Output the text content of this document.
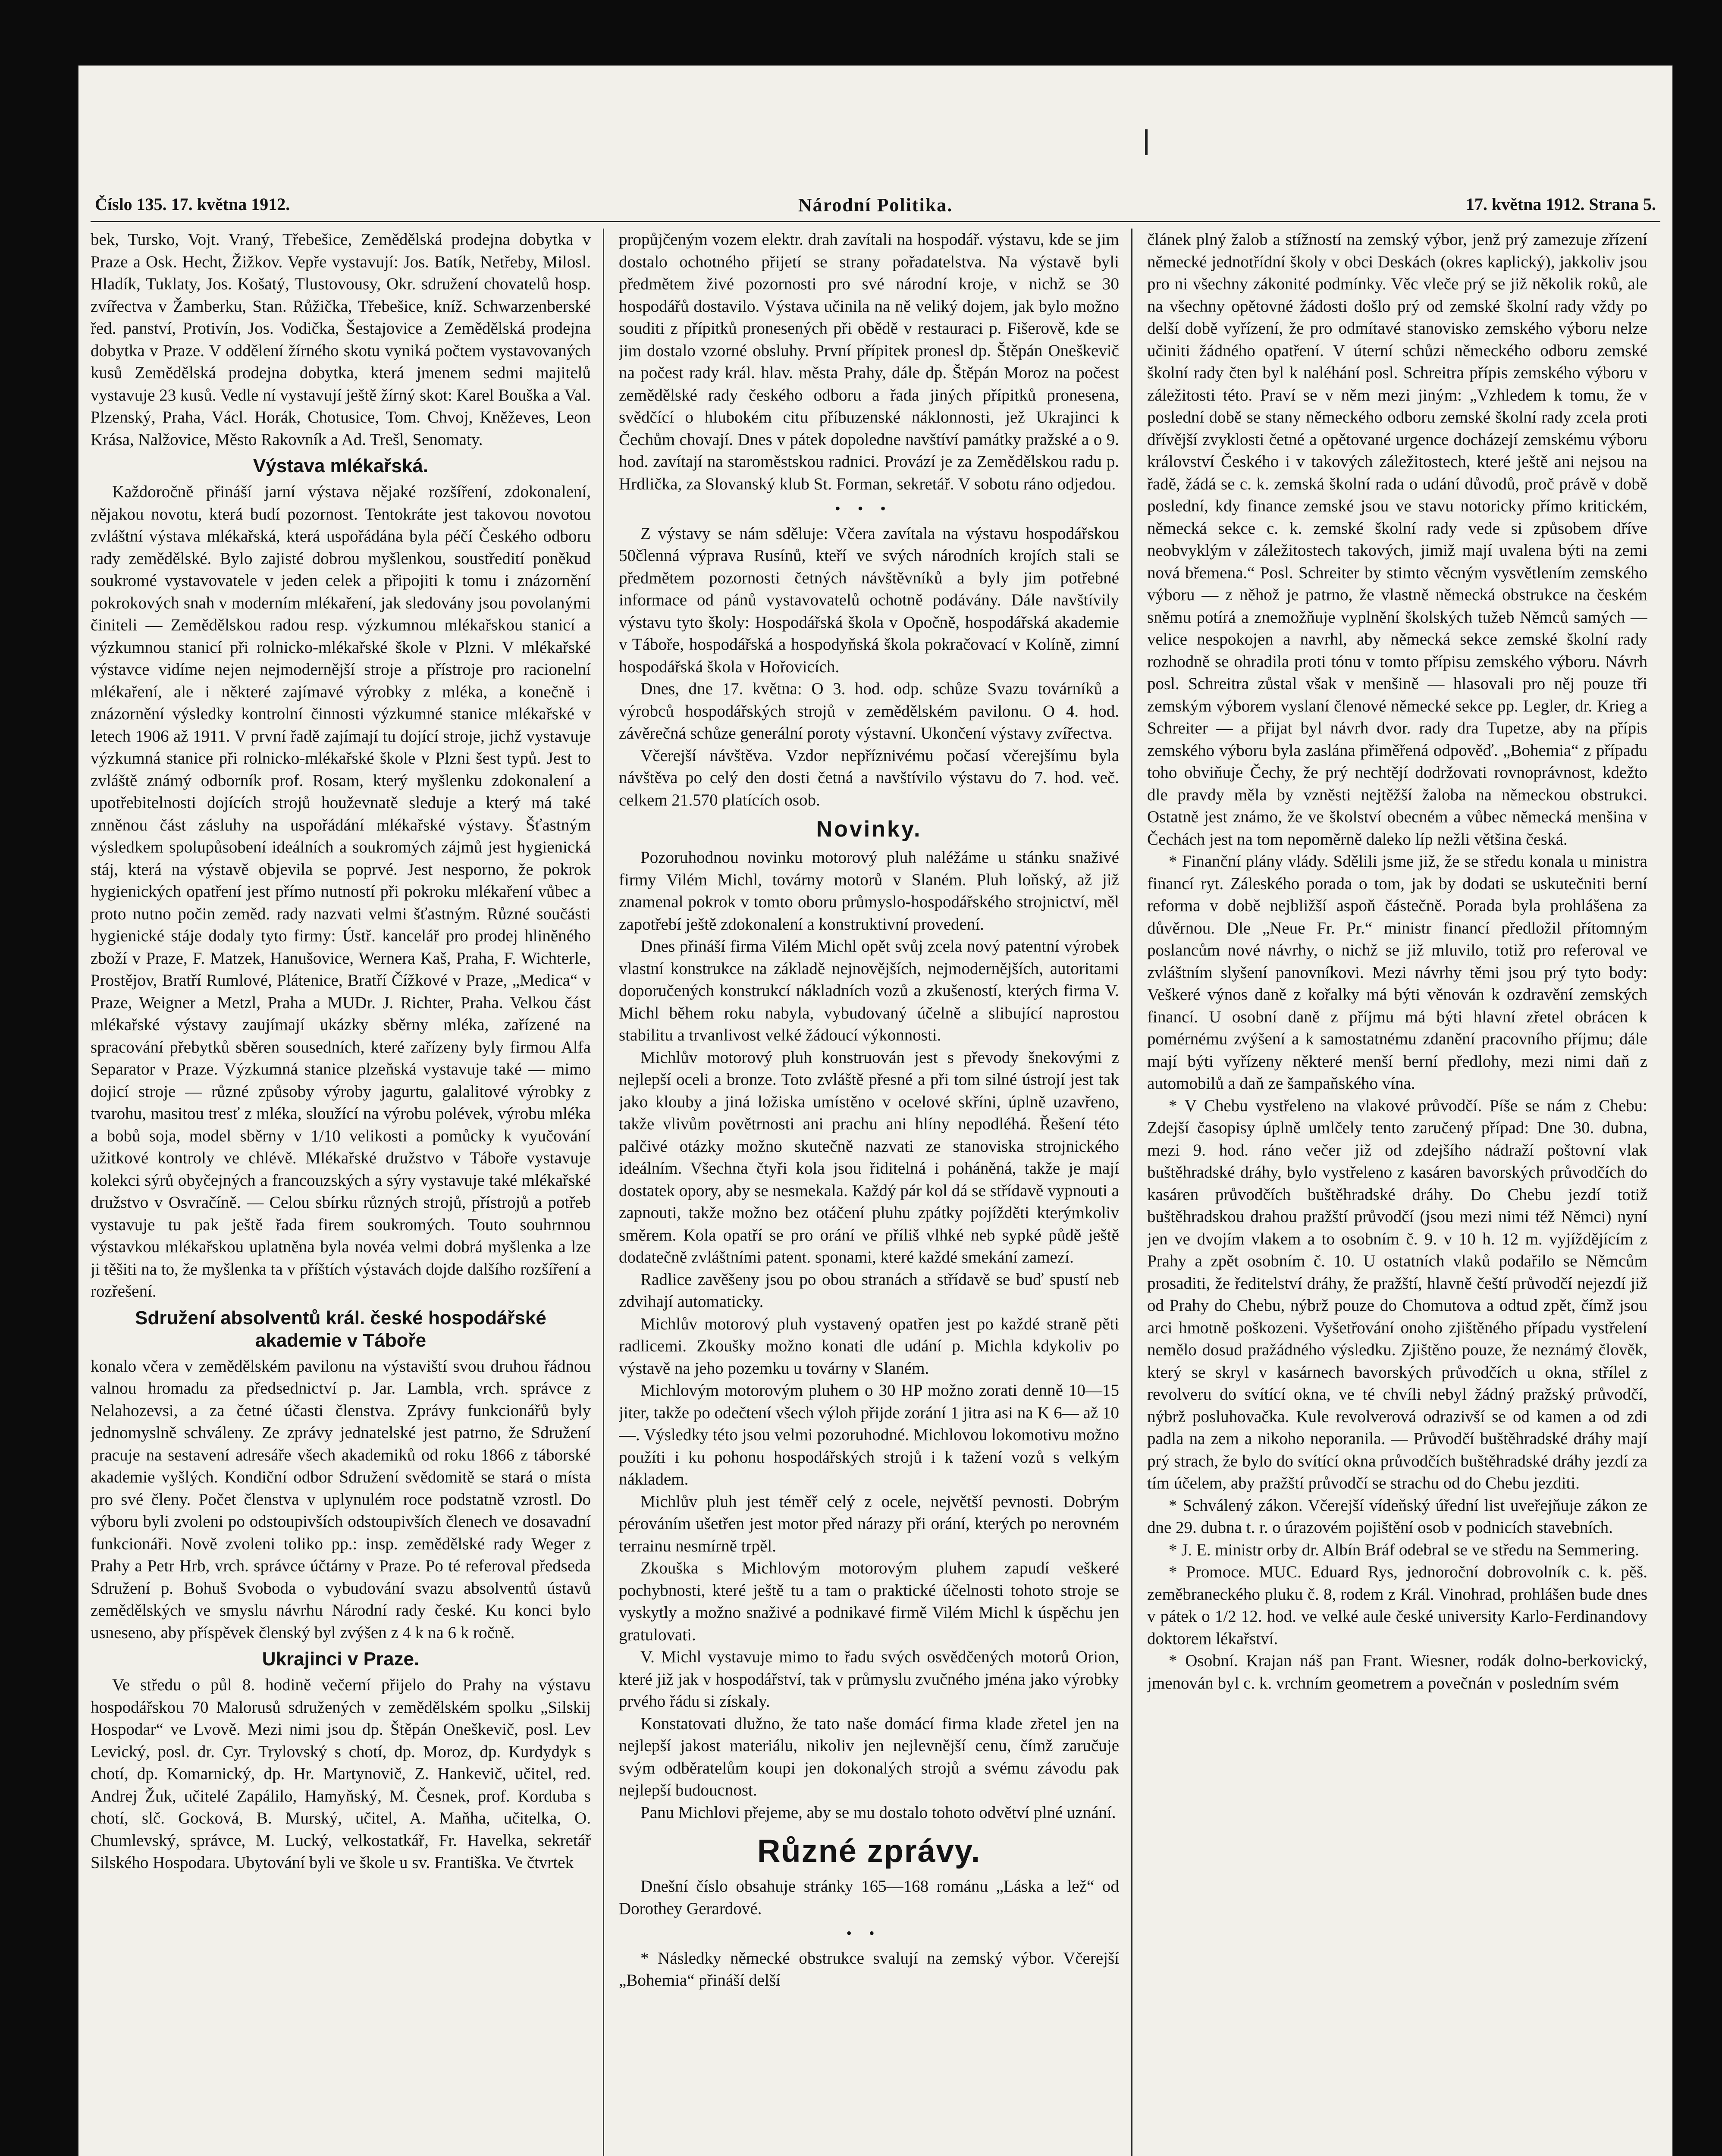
Číslo 135. 17. května 1912.	Národní Politika.	17. května 1912. Strana 5.

bek, Tursko, Vojt. Vraný, Třebešice, Zemědělská prodejna dobytka v Praze a Osk. Hecht, Žižkov. Vepře vystavují: Jos. Batík, Netřeby, Milosl. Hladík, Tuklaty, Jos. Košatý, Tlustovousy, Okr. sdružení chovatelů hosp. zvířectva v Žamberku, Stan. Růžička, Třebešice, kníž. Schwarzenberské řed. panství, Protivín, Jos. Vodička, Šestajovice a Zemědělská prodejna dobytka v Praze. V oddělení žírného skotu vyniká počtem vystavovaných kusů Zemědělská prodejna dobytka, která jmenem sedmi majitelů vystavuje 23 kusů. Vedle ní vystavují ještě žírný skot: Karel Bouška a Val. Plzenský, Praha, Václ. Horák, Chotusice, Tom. Chvoj, Kněževes, Leon Krása, Nalžovice, Město Rakovník a Ad. Trešl, Senomaty.

Výstava mlékařská.

Každoročně přináší jarní výstava nějaké rozšíření, zdokonalení, nějakou novotu, která budí pozornost. Tentokráte jest takovou novotou zvláštní výstava mlékařská, která uspořádána byla péčí Českého odboru rady zemědělské. Bylo zajisté dobrou myšlenkou, soustředití poněkud soukromé vystavovatele v jeden celek a připojiti k tomu i znázornění pokrokových snah v moderním mlékaření, jak sledovány jsou povolanými činiteli — Zemědělskou radou resp. výzkumnou mlékařskou stanicí a výzkumnou stanicí při rolnicko-mlékařské škole v Plzni. V mlékařské výstavce vidíme nejen nejmodernější stroje a přístroje pro racionelní mlékaření, ale i některé zajímavé výrobky z mléka, a konečně i znázornění výsledky kontrolní činnosti výzkumné stanice mlékařské v letech 1906 až 1911. V první řadě zajímají tu dojící stroje, jichž vystavuje výzkumná stanice při rolnicko-mlékařské škole v Plzni šest typů. Jest to zvláště známý odborník prof. Rosam, který myšlenku zdokonalení a upotřebitelnosti dojících strojů houževnatě sleduje a který má také znněnou část zásluhy na uspořádání mlékařské výstavy. Šťastným výsledkem spolupůsobení ideálních a soukromých zájmů jest hygienická stáj, která na výstavě objevila se poprvé. Jest nesporno, že pokrok hygienických opatření jest přímo nutností při pokroku mlékaření vůbec a proto nutno počin zeměd. rady nazvati velmi šťastným. Různé součásti hygienické stáje dodaly tyto firmy: Ústř. kancelář pro prodej hliněného zboží v Praze, F. Matzek, Hanušovice, Wernera Kaš, Praha, F. Wichterle, Prostějov, Bratří Rumlové, Plátenice, Bratří Čížkové v Praze, „Medica“ v Praze, Weigner a Metzl, Praha a MUDr. J. Richter, Praha. Velkou část mlékařské výstavy zaujímají ukázky sběrny mléka, zařízené na spracování přebytků sběren sousedních, které zařízeny byly firmou Alfa Separator v Praze. Výzkumná stanice plzeňská vystavuje také — mimo dojicí stroje — různé způsoby výroby jagurtu, galalitové výrobky z tvarohu, masitou tresť z mléka, sloužící na výrobu polévek, výrobu mléka a bobů soja, model sběrny v 1/10 velikosti a pomůcky k vyučování užitkové kontroly ve chlévě. Mlékařské družstvo v Táboře vystavuje kolekci sýrů obyčejných a francouzských a sýry vystavuje také mlékařské družstvo v Osvračíně. — Celou sbírku různých strojů, přístrojů a potřeb vystavuje tu pak ještě řada firem soukromých. Touto souhrnnou výstavkou mlékařskou uplatněna byla novéa velmi dobrá myšlenka a lze ji těšiti na to, že myšlenka ta v příštích výstavách dojde dalšího rozšíření a rozřešení.

Sdružení absolventů král. české hospodářské akademie v Táboře

konalo včera v zemědělském pavilonu na výstaviští svou druhou řádnou valnou hromadu za předsednictví p. Jar. Lambla, vrch. správce z Nelahozevsi, a za četné účasti členstva. Zprávy funkcionářů byly jednomyslně schváleny. Ze zprávy jednatelské jest patrno, že Sdružení pracuje na sestavení adresáře všech akademiků od roku 1866 z táborské akademie vyšlých. Kondiční odbor Sdružení svědomitě se stará o místa pro své členy. Počet členstva v uplynulém roce podstatně vzrostl. Do výboru byli zvoleni po odstoupivších odstoupivších členech ve dosavadní funkcionáři. Nově zvoleni toliko pp.: insp. zemědělské rady Weger z Prahy a Petr Hrb, vrch. správce účtárny v Praze. Po té referoval předseda Sdružení p. Bohuš Svoboda o vybudování svazu absolventů ústavů zemědělských ve smyslu návrhu Národní rady české. Ku konci bylo usneseno, aby příspěvek členský byl zvýšen z 4 k na 6 k ročně.

Ukrajinci v Praze.

Ve středu o půl 8. hodině večerní přijelo do Prahy na výstavu hospodářskou 70 Malorusů sdružených v zemědělském spolku „Silskij Hospodar“ ve Lvově. Mezi nimi jsou dp. Štěpán Oneškevič, posl. Lev Levický, posl. dr. Cyr. Trylovský s chotí, dp. Moroz, dp. Kurdydyk s chotí, dp. Komarnický, dp. Hr. Martynovič, Z. Hankevič, učitel, red. Andrej Žuk, učitelé Zapálilo, Hamyňský, M. Česnek, prof. Korduba s chotí, slč. Gocková, B. Murský, učitel, A. Maňha, učitelka, O. Chumlevský, správce, M. Lucký, velkostatkář, Fr. Havelka, sekretář Silského Hospodara. Ubytování byli ve škole u sv. Františka. Ve čtvrtek

propůjčeným vozem elektr. drah zavítali na hospodář. výstavu, kde se jim dostalo ochotného přijetí se strany pořadatelstva. Na výstavě byli předmětem živé pozornosti pro své národní kroje, v nichž se 30 hospodářů dostavilo. Výstava učinila na ně veliký dojem, jak bylo možno souditi z přípitků pronesených při obědě v restauraci p. Fišerově, kde se jim dostalo vzorné obsluhy. První přípitek pronesl dp. Štěpán Oneškevič na počest rady král. hlav. města Prahy, dále dp. Štěpán Moroz na počest zemědělské rady českého odboru a řada jiných přípitků pronesena, svědčící o hlubokém citu příbuzenské náklonnosti, jež Ukrajinci k Čechům chovají. Dnes v pátek dopoledne navštíví památky pražské a o 9. hod. zavítají na staroměstskou radnici. Provází je za Zemědělskou radu p. Hrdlička, za Slovanský klub St. Forman, sekretář. V sobotu ráno odjedou.

•••

Z výstavy se nám sděluje: Včera zavítala na výstavu hospodářskou 50členná výprava Rusínů, kteří ve svých národních krojích stali se předmětem pozornosti četných návštěvníků a byly jim potřebné informace od pánů vystavovatelů ochotně podávány. Dále navštívily výstavu tyto školy: Hospodářská škola v Opočně, hospodářská akademie v Táboře, hospodářská a hospodyňská škola pokračovací v Kolíně, zimní hospodářská škola v Hořovicích.

Dnes, dne 17. května: O 3. hod. odp. schůze Svazu továrníků a výrobců hospodářských strojů v zemědělském pavilonu. O 4. hod. závěrečná schůze generální poroty výstavní. Ukončení výstavy zvířectva.

Včerejší návštěva. Vzdor nepříznivému počasí včerejšímu byla návštěva po celý den dosti četná a navštívilo výstavu do 7. hod. več. celkem 21.570 platících osob.

Novinky.

Pozoruhodnou novinku motorový pluh naléžáme u stánku snaživé firmy Vilém Michl, továrny motorů v Slaném. Pluh loňský, až již znamenal pokrok v tomto oboru průmyslo-hospodářského strojnictví, měl zapotřebí ještě zdokonalení a konstruktivní provedení.

Dnes přináší firma Vilém Michl opět svůj zcela nový patentní výrobek vlastní konstrukce na základě nejnovějších, nejmodernějších, autoritami doporučených konstrukcí nákladních vozů a zkušeností, kterých firma V. Michl během roku nabyla, vybudovaný účelně a slibující naprostou stabilitu a trvanlivost velké žádoucí výkonnosti.

Michlův motorový pluh konstruován jest s převody šnekovými z nejlepší oceli a bronze. Toto zvláště přesné a při tom silné ústrojí jest tak jako klouby a jiná ložiska umístěno v ocelové skříni, úplně uzavřeno, takže vlivům povětrnosti ani prachu ani hlíny nepodléhá. Řešení této palčivé otázky možno skutečně nazvati ze stanoviska strojnického ideálním. Všechna čtyři kola jsou řiditelná i poháněná, takže je mají dostatek opory, aby se nesmekala. Každý pár kol dá se střídavě vypnouti a zapnouti, takže možno bez otáčení pluhu zpátky pojížděti kterýmkoliv směrem. Kola opatří se pro orání ve příliš vlhké neb sypké půdě ještě dodatečně zvláštními patent. sponami, které každé smekání zamezí.

Radlice zavěšeny jsou po obou stranách a střídavě se buď spustí neb zdvihají automaticky.

Michlův motorový pluh vystavený opatřen jest po každé straně pěti radlicemi. Zkoušky možno konati dle udání p. Michla kdykoliv po výstavě na jeho pozemku u továrny v Slaném.

Michlovým motorovým pluhem o 30 HP možno zorati denně 10—15 jiter, takže po odečtení všech výloh přijde zorání 1 jitra asi na K 6— až 10—. Výsledky této jsou velmi pozoruhodné. Michlovou lokomotivu možno použíti i ku pohonu hospodářských strojů i k tažení vozů s velkým nákladem.

Michlův pluh jest téměř celý z ocele, největší pevnosti. Dobrým pérováním ušetřen jest motor před nárazy při orání, kterých po nerovném terrainu nesmírně trpěl.

Zkouška s Michlovým motorovým pluhem zapudí veškeré pochybnosti, které ještě tu a tam o praktické účelnosti tohoto stroje se vyskytly a možno snaživé a podnikavé firmě Vilém Michl k úspěchu jen gratulovati.

V. Michl vystavuje mimo to řadu svých osvědčených motorů Orion, které již jak v hospodářství, tak v průmyslu zvučného jména jako výrobky prvého řádu si získaly.

Konstatovati dlužno, že tato naše domácí firma klade zřetel jen na nejlepší jakost materiálu, nikoliv jen nejlevnější cenu, čímž zaručuje svým odběratelům koupi jen dokonalých strojů a svému závodu pak nejlepší budoucnost.

Panu Michlovi přejeme, aby se mu dostalo tohoto odvětví plné uznání.

Různé zprávy.

Dnešní číslo obsahuje stránky 165—168 románu „Láska a lež“ od Dorothey Gerardové.

••

* Následky německé obstrukce svalují na zemský výbor. Včerejší „Bohemia“ přináší delší

článek plný žalob a stížností na zemský výbor, jenž prý zamezuje zřízení německé jednotřídní školy v obci Deskách (okres kaplický), jakkoliv jsou pro ni všechny zákonité podmínky. Věc vleče prý se již několik roků, ale na všechny opětovné žádosti došlo prý od zemské školní rady vždy po delší době vyřízení, že pro odmítavé stanovisko zemského výboru nelze učiniti žádného opatření. V úterní schůzi německého odboru zemské školní rady čten byl k naléhání posl. Schreitra přípis zemského výboru v záležitosti této. Praví se v něm mezi jiným: „Vzhledem k tomu, že v poslední době se stany německého odboru zemské školní rady zcela proti dřívější zvyklosti četné a opětované urgence docházejí zemskému výboru království Českého i v takových záležitostech, které ještě ani nejsou na řadě, žádá se c. k. zemská školní rada o udání důvodů, proč právě v době poslední, kdy finance zemské jsou ve stavu notoricky přímo kritickém, německá sekce c. k. zemské školní rady vede si způsobem dříve neobvyklým v záležitostech takových, jimiž mají uvalena býti na zemi nová břemena.“ Posl. Schreiter by stimto věcným vysvětlením zemského výboru — z něhož je patrno, že vlastně německá obstrukce na českém sněmu potírá a znemožňuje vyplnění školských tužeb Němců samých — velice nespokojen a navrhl, aby německá sekce zemské školní rady rozhodně se ohradila proti tónu v tomto přípisu zemského výboru. Návrh posl. Schreitra zůstal však v menšině — hlasovali pro něj pouze tři zemským výborem vyslaní členové německé sekce pp. Legler, dr. Krieg a Schreiter — a přijat byl návrh dvor. rady dra Tupetze, aby na přípis zemského výboru byla zaslána přiměřená odpověď. „Bohemia“ z případu toho obviňuje Čechy, že prý nechtějí dodržovati rovnoprávnost, kdežto dle pravdy měla by vzněsti nejtěžší žaloba na německou obstrukci. Ostatně jest známo, že ve školství obecném a vůbec německá menšina v Čechách jest na tom nepoměrně daleko líp nežli většina česká.

* Finanční plány vlády. Sdělili jsme již, že se středu konala u ministra financí ryt. Záleského porada o tom, jak by dodati se uskutečniti berní reforma v době nejbližší aspoň částečně. Porada byla prohlášena za důvěrnou. Dle „Neue Fr. Pr.“ ministr financí předložil přítomným poslancům nové návrhy, o nichž se již mluvilo, totiž pro referoval ve zvláštním slyšení panovníkovi. Mezi návrhy těmi jsou prý tyto body: Veškeré výnos daně z kořalky má býti věnován k ozdravění zemských financí. U osobní daně z příjmu má býti hlavní zřetel obrácen k pomérnému zvýšení a k samostatnému zdanění pracovního příjmu; dále mají býti vyřízeny některé menší berní předlohy, mezi nimi daň z automobilů a daň ze šampaňského vína.

* V Chebu vystřeleno na vlakové průvodčí. Píše se nám z Chebu: Zdejší časopisy úplně umlčely tento zaručený případ: Dne 30. dubna, mezi 9. hod. ráno večer již od zdejšího nádraží poštovní vlak buštěhradské dráhy, bylo vystřeleno z kasáren bavorských průvodčích do kasáren průvodčích buštěhradské dráhy. Do Chebu jezdí totiž buštěhradskou drahou pražští průvodčí (jsou mezi nimi též Němci) nyní jen ve dvojím vlakem a to osobním č. 9. v 10 h. 12 m. vyjíždějícím z Prahy a zpět osobním č. 10. U ostatních vlaků podařilo se Němcům prosaditi, že ředitelství dráhy, že pražští, hlavně čeští průvodčí nejezdí již od Prahy do Chebu, nýbrž pouze do Chomutova a odtud zpět, čímž jsou arci hmotně poškozeni. Vyšetřování onoho zjištěného případu vystřelení nemělo dosud pražádného výsledku. Zjištěno pouze, že neznámý člověk, který se skryl v kasárnech bavorských průvodčích u okna, střílel z revolveru do svítící okna, ve té chvíli nebyl žádný pražský průvodčí, nýbrž posluhovačka. Kule revolverová odrazivší se od kamen a od zdi padla na zem a nikoho neporanila. — Průvodčí buštěhradské dráhy mají prý strach, že bylo do svítící okna průvodčích buštěhradské dráhy jezdí za tím účelem, aby pražští průvodčí se strachu od do Chebu jezditi.

* Schválený zákon. Včerejší vídeňský úřední list uveřejňuje zákon ze dne 29. dubna t. r. o úrazovém pojištění osob v podnicích stavebních.

* J. E. ministr orby dr. Albín Bráf odebral se ve středu na Semmering.

* Promoce. MUC. Eduard Rys, jednoroční dobrovolník c. k. pěš. zeměbraneckého pluku č. 8, rodem z Král. Vinohrad, prohlášen bude dnes v pátek o 1/2 12. hod. ve velké aule české university Karlo-Ferdinandovy doktorem lékařství.

* Osobní. Krajan náš pan Frant. Wiesner, rodák dolno-berkovický, jmenován byl c. k. vrchním geometrem a povečnán v posledním svém
